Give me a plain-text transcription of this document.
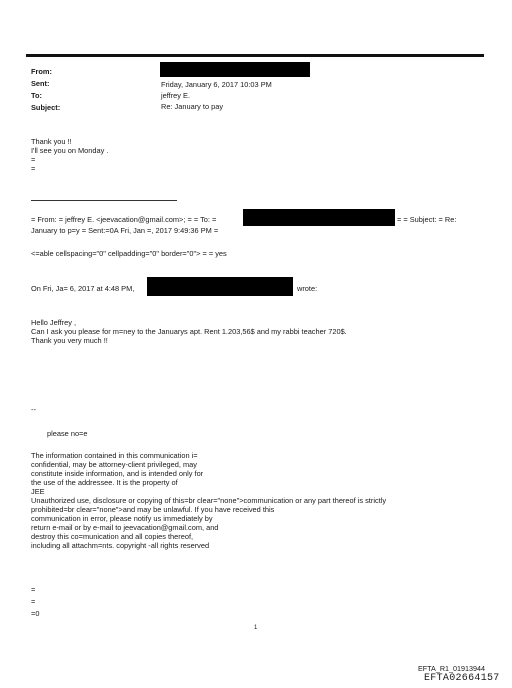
From:
Sent:
To:
Subject:
Friday, January 6, 2017 10:03 PM
jeffrey E.
Re: January to pay
Thank you !!
I'll see you on Monday .
=
=
= From: = jeffrey E. <jeevacation@gmail.com>; = = To: =	= = Subject: = Re:
January to p=y = Sent:=0A Fri, Jan =, 2017 9:49:36 PM =
<=able cellspacing="0" cellpadding="0" border="0"> = = yes
On Fri, Ja= 6, 2017 at 4:48 PM,	wrote:
Hello Jeffrey ,
Can I ask you please for m=ney to the Januarys apt. Rent 1.203,56$ and my rabbi teacher 720$.
Thank you very much !!
--
please no=e
The information contained in this communication i=
confidential, may be attorney-client privileged, may
constitute inside information, and is intended only for
the use of the addressee. It is the property of
JEE
Unauthorized use, disclosure or copying of this=br clear="none">communication or any part thereof is strictly
prohibited=br clear="none">and may be unlawful. If you have received this
communication in error, please notify us immediately by
return e-mail or by e-mail to jeevacation@gmail.com, and
destroy this co=munication and all copies thereof,
including all attachm=nts. copyright -all rights reserved
=
=
=0
1
EFTA_R1_01913944
EFTA02664157
